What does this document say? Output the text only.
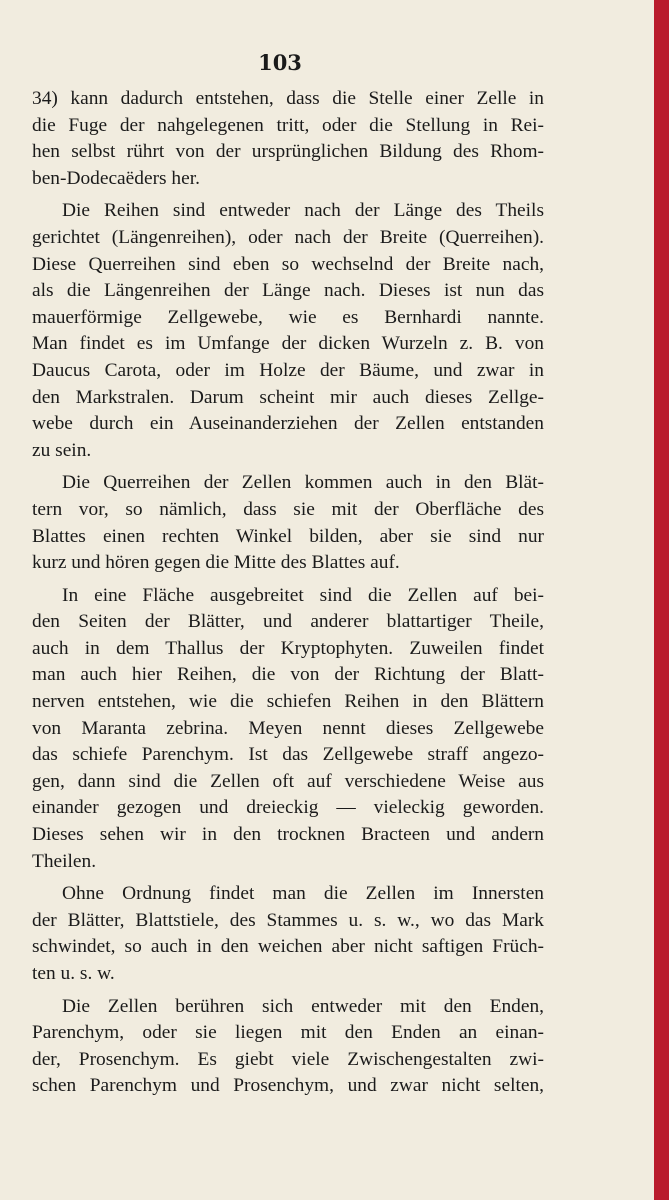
103

34) kann dadurch entstehen, dass die Stelle einer Zelle in
die Fuge der nahgelegenen tritt, oder die Stellung in Rei-
hen selbst rührt von der ursprünglichen Bildung des Rhom-
ben-Dodecaëders her.

Die Reihen sind entweder nach der Länge des Theils
gerichtet (Längenreihen), oder nach der Breite (Querreihen).
Diese Querreihen sind eben so wechselnd der Breite nach,
als die Längenreihen der Länge nach. Dieses ist nun das
mauerförmige Zellgewebe, wie es Bernhardi nannte.
Man findet es im Umfange der dicken Wurzeln z. B. von
Daucus Carota, oder im Holze der Bäume, und zwar in
den Markstralen. Darum scheint mir auch dieses Zellge-
webe durch ein Auseinanderziehen der Zellen entstanden
zu sein.

Die Querreihen der Zellen kommen auch in den Blät-
tern vor, so nämlich, dass sie mit der Oberfläche des
Blattes einen rechten Winkel bilden, aber sie sind nur
kurz und hören gegen die Mitte des Blattes auf.

In eine Fläche ausgebreitet sind die Zellen auf bei-
den Seiten der Blätter, und anderer blattartiger Theile,
auch in dem Thallus der Kryptophyten. Zuweilen findet
man auch hier Reihen, die von der Richtung der Blatt-
nerven entstehen, wie die schiefen Reihen in den Blättern
von Maranta zebrina. Meyen nennt dieses Zellgewebe
das schiefe Parenchym. Ist das Zellgewebe straff angezo-
gen, dann sind die Zellen oft auf verschiedene Weise aus
einander gezogen und dreieckig — vieleckig geworden.
Dieses sehen wir in den trocknen Bracteen und andern
Theilen.

Ohne Ordnung findet man die Zellen im Innersten
der Blätter, Blattstiele, des Stammes u. s. w., wo das Mark
schwindet, so auch in den weichen aber nicht saftigen Früch-
ten u. s. w.

Die Zellen berühren sich entweder mit den Enden,
Parenchym, oder sie liegen mit den Enden an einan-
der, Prosenchym. Es giebt viele Zwischengestalten zwi-
schen Parenchym und Prosenchym, und zwar nicht selten,
